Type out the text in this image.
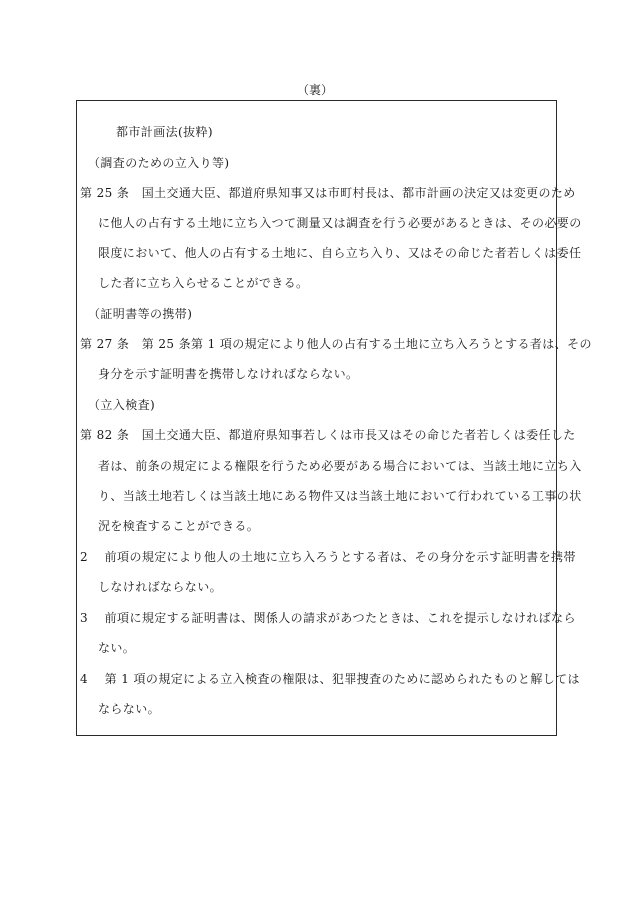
（裏）
都市計画法(抜粋)
（調査のための立入り等)
第 25 条　国土交通大臣、都道府県知事又は市町村長は、都市計画の決定又は変更のため
に他人の占有する土地に立ち入つて測量又は調査を行う必要があるときは、その必要の
限度において、他人の占有する土地に、自ら立ち入り、又はその命じた者若しくは委任
した者に立ち入らせることができる。
（証明書等の携帯)
第 27 条　第 25 条第 1 項の規定により他人の占有する土地に立ち入ろうとする者は、その
身分を示す証明書を携帯しなければならない。
（立入検査)
第 82 条　国土交通大臣、都道府県知事若しくは市長又はその命じた者若しくは委任した
者は、前条の規定による権限を行うため必要がある場合においては、当該土地に立ち入
り、当該土地若しくは当該土地にある物件又は当該土地において行われている工事の状
況を検査することができる。
2　 前項の規定により他人の土地に立ち入ろうとする者は、その身分を示す証明書を携帯
しなければならない。
3　 前項に規定する証明書は、関係人の請求があつたときは、これを提示しなければなら
ない。
4　 第 1 項の規定による立入検査の権限は、犯罪捜査のために認められたものと解しては
ならない。
